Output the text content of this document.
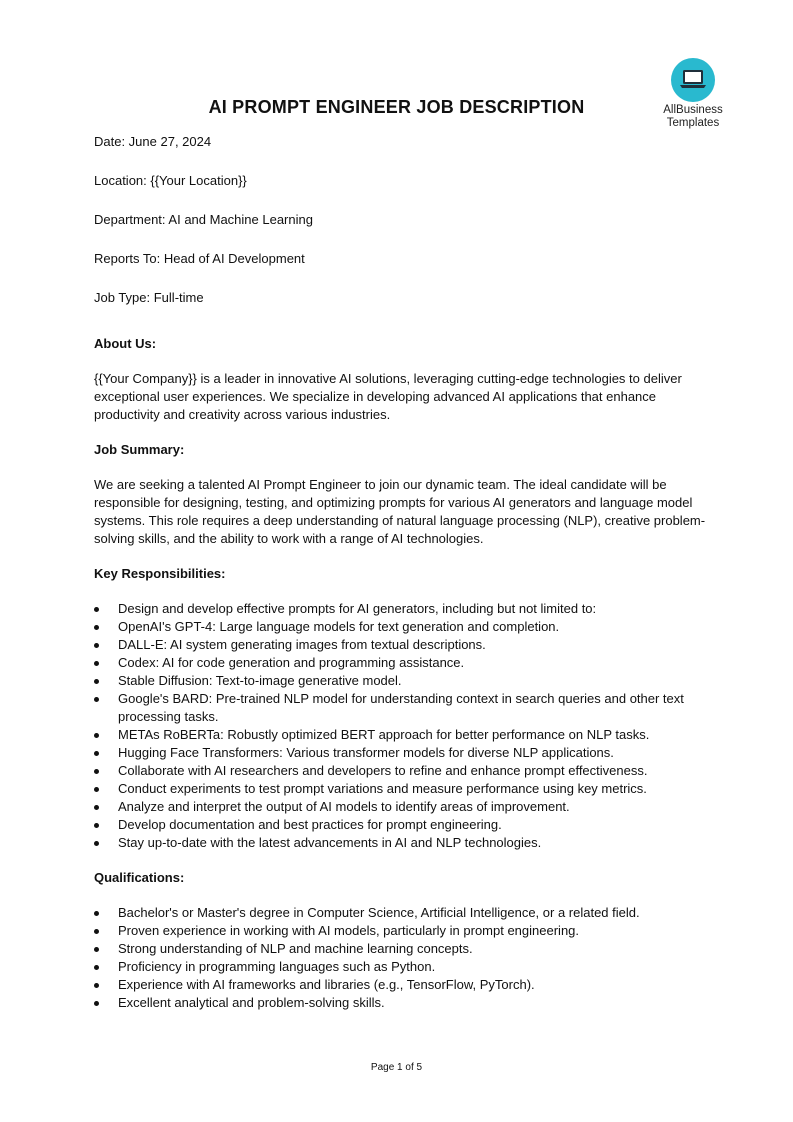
AllBusiness
Templates
AI PROMPT ENGINEER JOB DESCRIPTION
Date: June 27, 2024
Location: {{Your Location}}
Department: AI and Machine Learning
Reports To: Head of AI Development
Job Type: Full-time
About Us:

{{Your Company}} is a leader in innovative AI solutions, leveraging cutting-edge technologies to deliver exceptional user experiences. We specialize in developing advanced AI applications that enhance productivity and creativity across various industries.

Job Summary:

We are seeking a talented AI Prompt Engineer to join our dynamic team. The ideal candidate will be responsible for designing, testing, and optimizing prompts for various AI generators and language model systems. This role requires a deep understanding of natural language processing (NLP), creative problem-solving skills, and the ability to work with a range of AI technologies.

Key Responsibilities:
Design and develop effective prompts for AI generators, including but not limited to:
OpenAI's GPT-4: Large language models for text generation and completion.
DALL-E: AI system generating images from textual descriptions.
Codex: AI for code generation and programming assistance.
Stable Diffusion: Text-to-image generative model.
Google's BARD: Pre-trained NLP model for understanding context in search queries and other text processing tasks.
METAs RoBERTa: Robustly optimized BERT approach for better performance on NLP tasks.
Hugging Face Transformers: Various transformer models for diverse NLP applications.
Collaborate with AI researchers and developers to refine and enhance prompt effectiveness.
Conduct experiments to test prompt variations and measure performance using key metrics.
Analyze and interpret the output of AI models to identify areas of improvement.
Develop documentation and best practices for prompt engineering.
Stay up-to-date with the latest advancements in AI and NLP technologies.
Qualifications:
Bachelor's or Master's degree in Computer Science, Artificial Intelligence, or a related field.
Proven experience in working with AI models, particularly in prompt engineering.
Strong understanding of NLP and machine learning concepts.
Proficiency in programming languages such as Python.
Experience with AI frameworks and libraries (e.g., TensorFlow, PyTorch).
Excellent analytical and problem-solving skills.
Page 1 of 5
